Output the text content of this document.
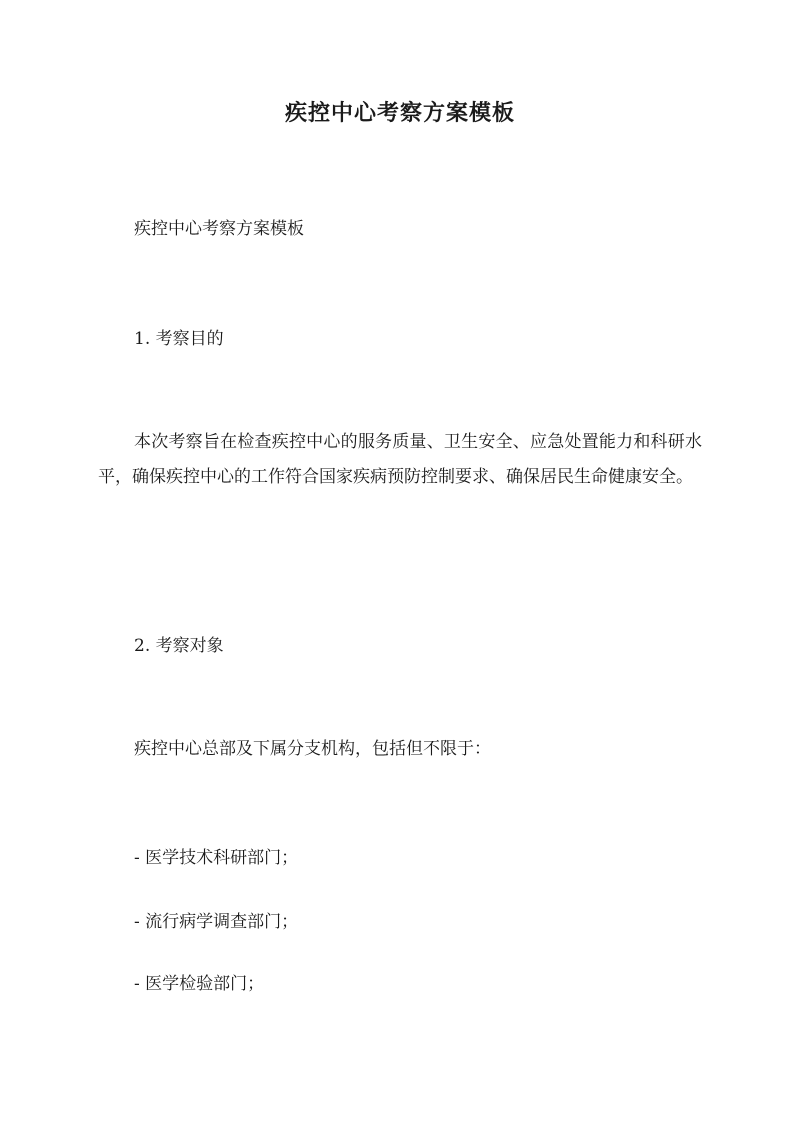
疾控中心考察方案模板

疾控中心考察方案模板

1. 考察目的

本次考察旨在检查疾控中心的服务质量、卫生安全、应急处置能力和科研水平，确保疾控中心的工作符合国家疾病预防控制要求、确保居民生命健康安全。

2. 考察对象

疾控中心总部及下属分支机构，包括但不限于：

- 医学技术科研部门；

- 流行病学调查部门；

- 医学检验部门；
